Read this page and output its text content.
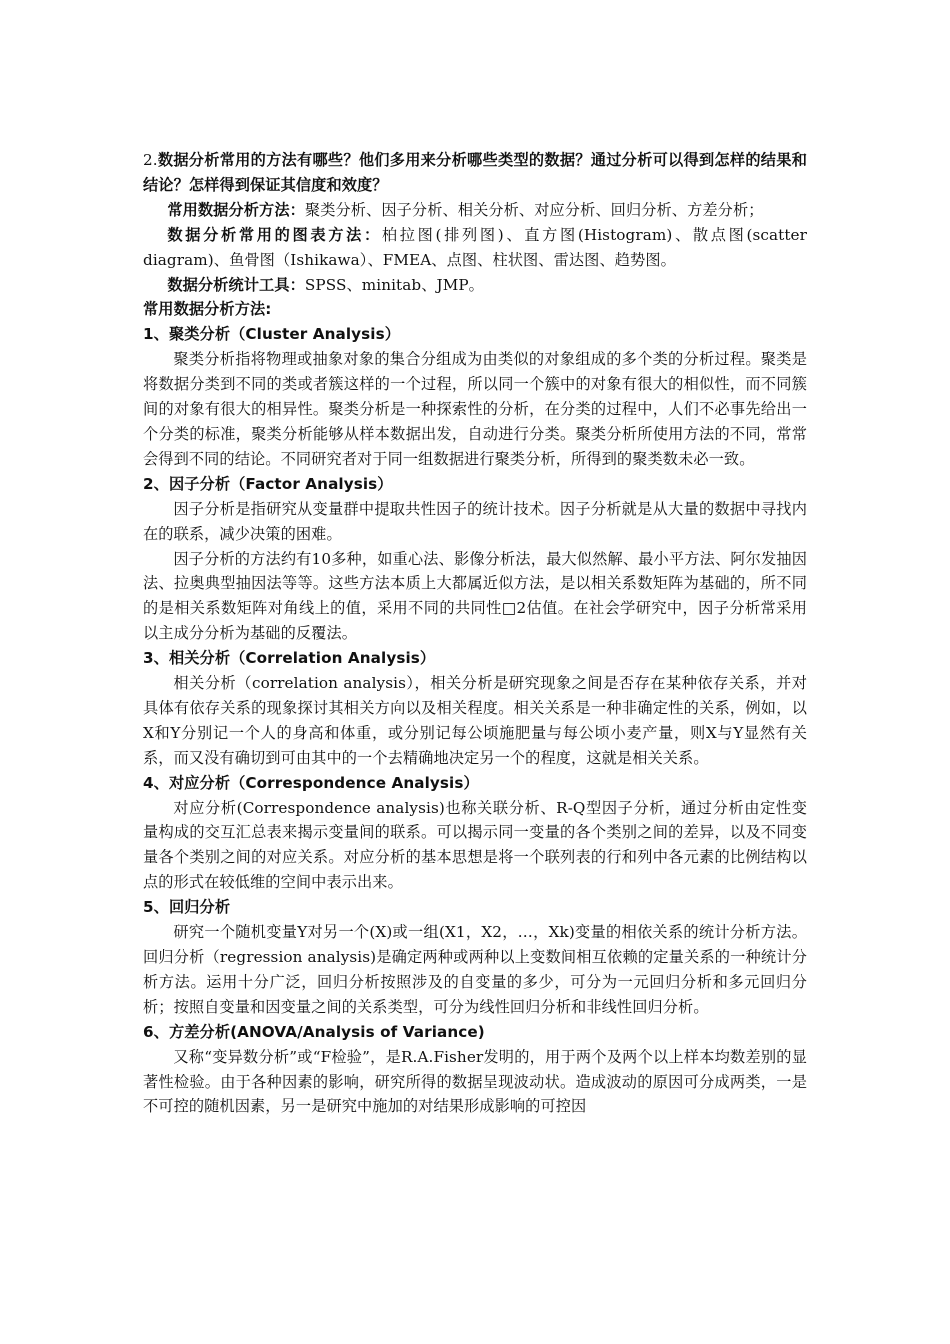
2.数据分析常用的方法有哪些？他们多用来分析哪些类型的数据？通过分析可以得到怎样的结果和结论？怎样得到保证其信度和效度？

常用数据分析方法：聚类分析、因子分析、相关分析、对应分析、回归分析、方差分析；

数据分析常用的图表方法：柏拉图(排列图)、直方图(Histogram)、散点图(scatter diagram)、鱼骨图（Ishikawa）、FMEA、点图、柱状图、雷达图、趋势图。

数据分析统计工具：SPSS、minitab、JMP。

常用数据分析方法:

1、聚类分析（Cluster Analysis）

聚类分析指将物理或抽象对象的集合分组成为由类似的对象组成的多个类的分析过程。聚类是将数据分类到不同的类或者簇这样的一个过程，所以同一个簇中的对象有很大的相似性，而不同簇间的对象有很大的相异性。聚类分析是一种探索性的分析，在分类的过程中，人们不必事先给出一个分类的标准，聚类分析能够从样本数据出发，自动进行分类。聚类分析所使用方法的不同，常常会得到不同的结论。不同研究者对于同一组数据进行聚类分析，所得到的聚类数未必一致。

2、因子分析（Factor Analysis）

因子分析是指研究从变量群中提取共性因子的统计技术。因子分析就是从大量的数据中寻找内在的联系，减少决策的困难。

因子分析的方法约有10多种，如重心法、影像分析法，最大似然解、最小平方法、阿尔发抽因法、拉奥典型抽因法等等。这些方法本质上大都属近似方法，是以相关系数矩阵为基础的，所不同的是相关系数矩阵对角线上的值，采用不同的共同性□2估值。在社会学研究中，因子分析常采用以主成分分析为基础的反覆法。

3、相关分析（Correlation Analysis）

相关分析（correlation analysis），相关分析是研究现象之间是否存在某种依存关系，并对具体有依存关系的现象探讨其相关方向以及相关程度。相关关系是一种非确定性的关系，例如，以X和Y分别记一个人的身高和体重，或分别记每公顷施肥量与每公顷小麦产量，则X与Y显然有关系，而又没有确切到可由其中的一个去精确地决定另一个的程度，这就是相关关系。

4、对应分析（Correspondence Analysis）

对应分析(Correspondence analysis)也称关联分析、R-Q型因子分析，通过分析由定性变量构成的交互汇总表来揭示变量间的联系。可以揭示同一变量的各个类别之间的差异，以及不同变量各个类别之间的对应关系。对应分析的基本思想是将一个联列表的行和列中各元素的比例结构以点的形式在较低维的空间中表示出来。

5、回归分析

研究一个随机变量Y对另一个(X)或一组(X1，X2，…，Xk)变量的相依关系的统计分析方法。回归分析（regression analysis)是确定两种或两种以上变数间相互依赖的定量关系的一种统计分析方法。运用十分广泛，回归分析按照涉及的自变量的多少，可分为一元回归分析和多元回归分析；按照自变量和因变量之间的关系类型，可分为线性回归分析和非线性回归分析。

6、方差分析(ANOVA/Analysis of Variance)

又称“变异数分析”或“F检验”，是R.A.Fisher发明的，用于两个及两个以上样本均数差别的显著性检验。由于各种因素的影响，研究所得的数据呈现波动状。造成波动的原因可分成两类，一是不可控的随机因素，另一是研究中施加的对结果形成影响的可控因
